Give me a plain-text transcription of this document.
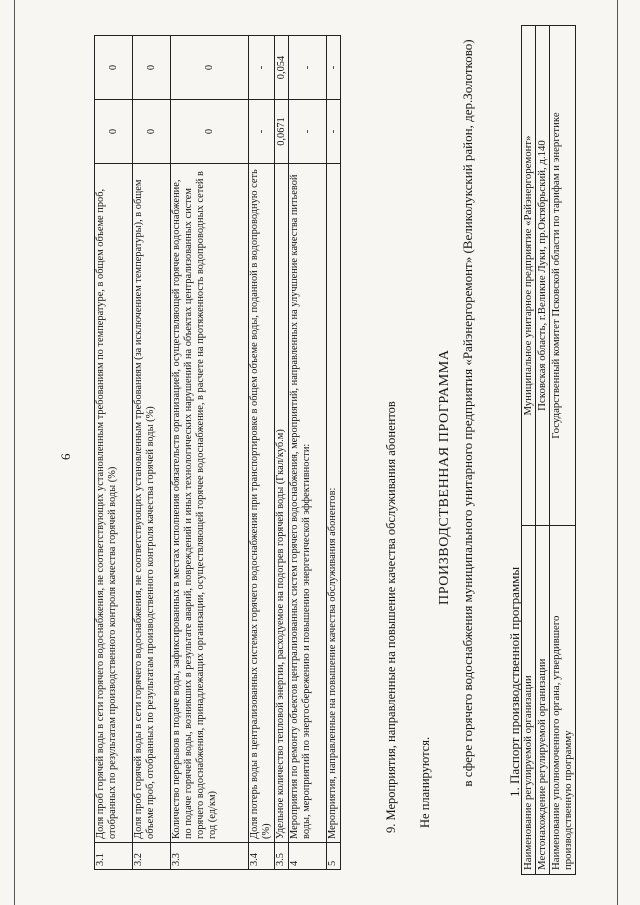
6
3.1	Доля проб горячей воды в сети горячего водоснабжения, не соответствующих установленным требованиям по температуре, в общем объеме проб, отобранных по результатам производственного контроля качества горячей воды (%)	0	0
3.2	Доля проб горячей воды в сети горячего водоснабжения, не соответствующих установленным требованиям (за исключением температуры), в общем объеме проб, отобранных по результатам производственного контроля качества горячей воды (%)	0	0
3.3	Количество перерывов в подаче воды, зафиксированных в местах исполнения обязательств организацией, осуществляющей горячее водоснабжение, по подаче горячей воды, возникших в результате аварий, повреждений и иных технологических нарушений на объектах централизованных систем горячего водоснабжения, принадлежащих организации, осуществляющей горячее водоснабжение, в расчете на протяженность водопроводных сетей в год (ед/км)	0	0
3.4	Доля потерь воды в централизованных системах горячего водоснабжения при транспортировке в общем объеме воды, поданной в водопроводную сеть (%)	-	-
3.5	Удельное количество тепловой энергии, расходуемое на подогрев горячей воды (Гкал/куб.м)	0,0671	0,054
4	Мероприятия по ремонту объектов централизованных систем горячего водоснабжения, мероприятий, направленных на улучшение качества питьевой воды, мероприятий по энергосбережению и повышению энергетической эффективности:	-	-
5	Мероприятия, направленные на повышение качества обслуживания абонентов:	-	-
9. Мероприятия, направленные на повышение качества обслуживания абонентов Не планируются.
ПРОИЗВОДСТВЕННАЯ ПРОГРАММА в сфере горячего водоснабжения муниципального унитарного предприятия «Райэнергоремонт» (Великолукский район, дер.Золотково) 1. Паспорт производственной программы Наименование регулируемой организации	Муниципальное унитарное предприятие «Райэнергоремонт»
Местонахождение регулируемой организации	Псковская область, г.Великие Луки, пр.Октябрьский, д.140
Наименование уполномоченного органа, утвердившего производственную программу	Государственный комитет Псковской области по тарифам и энергетике
